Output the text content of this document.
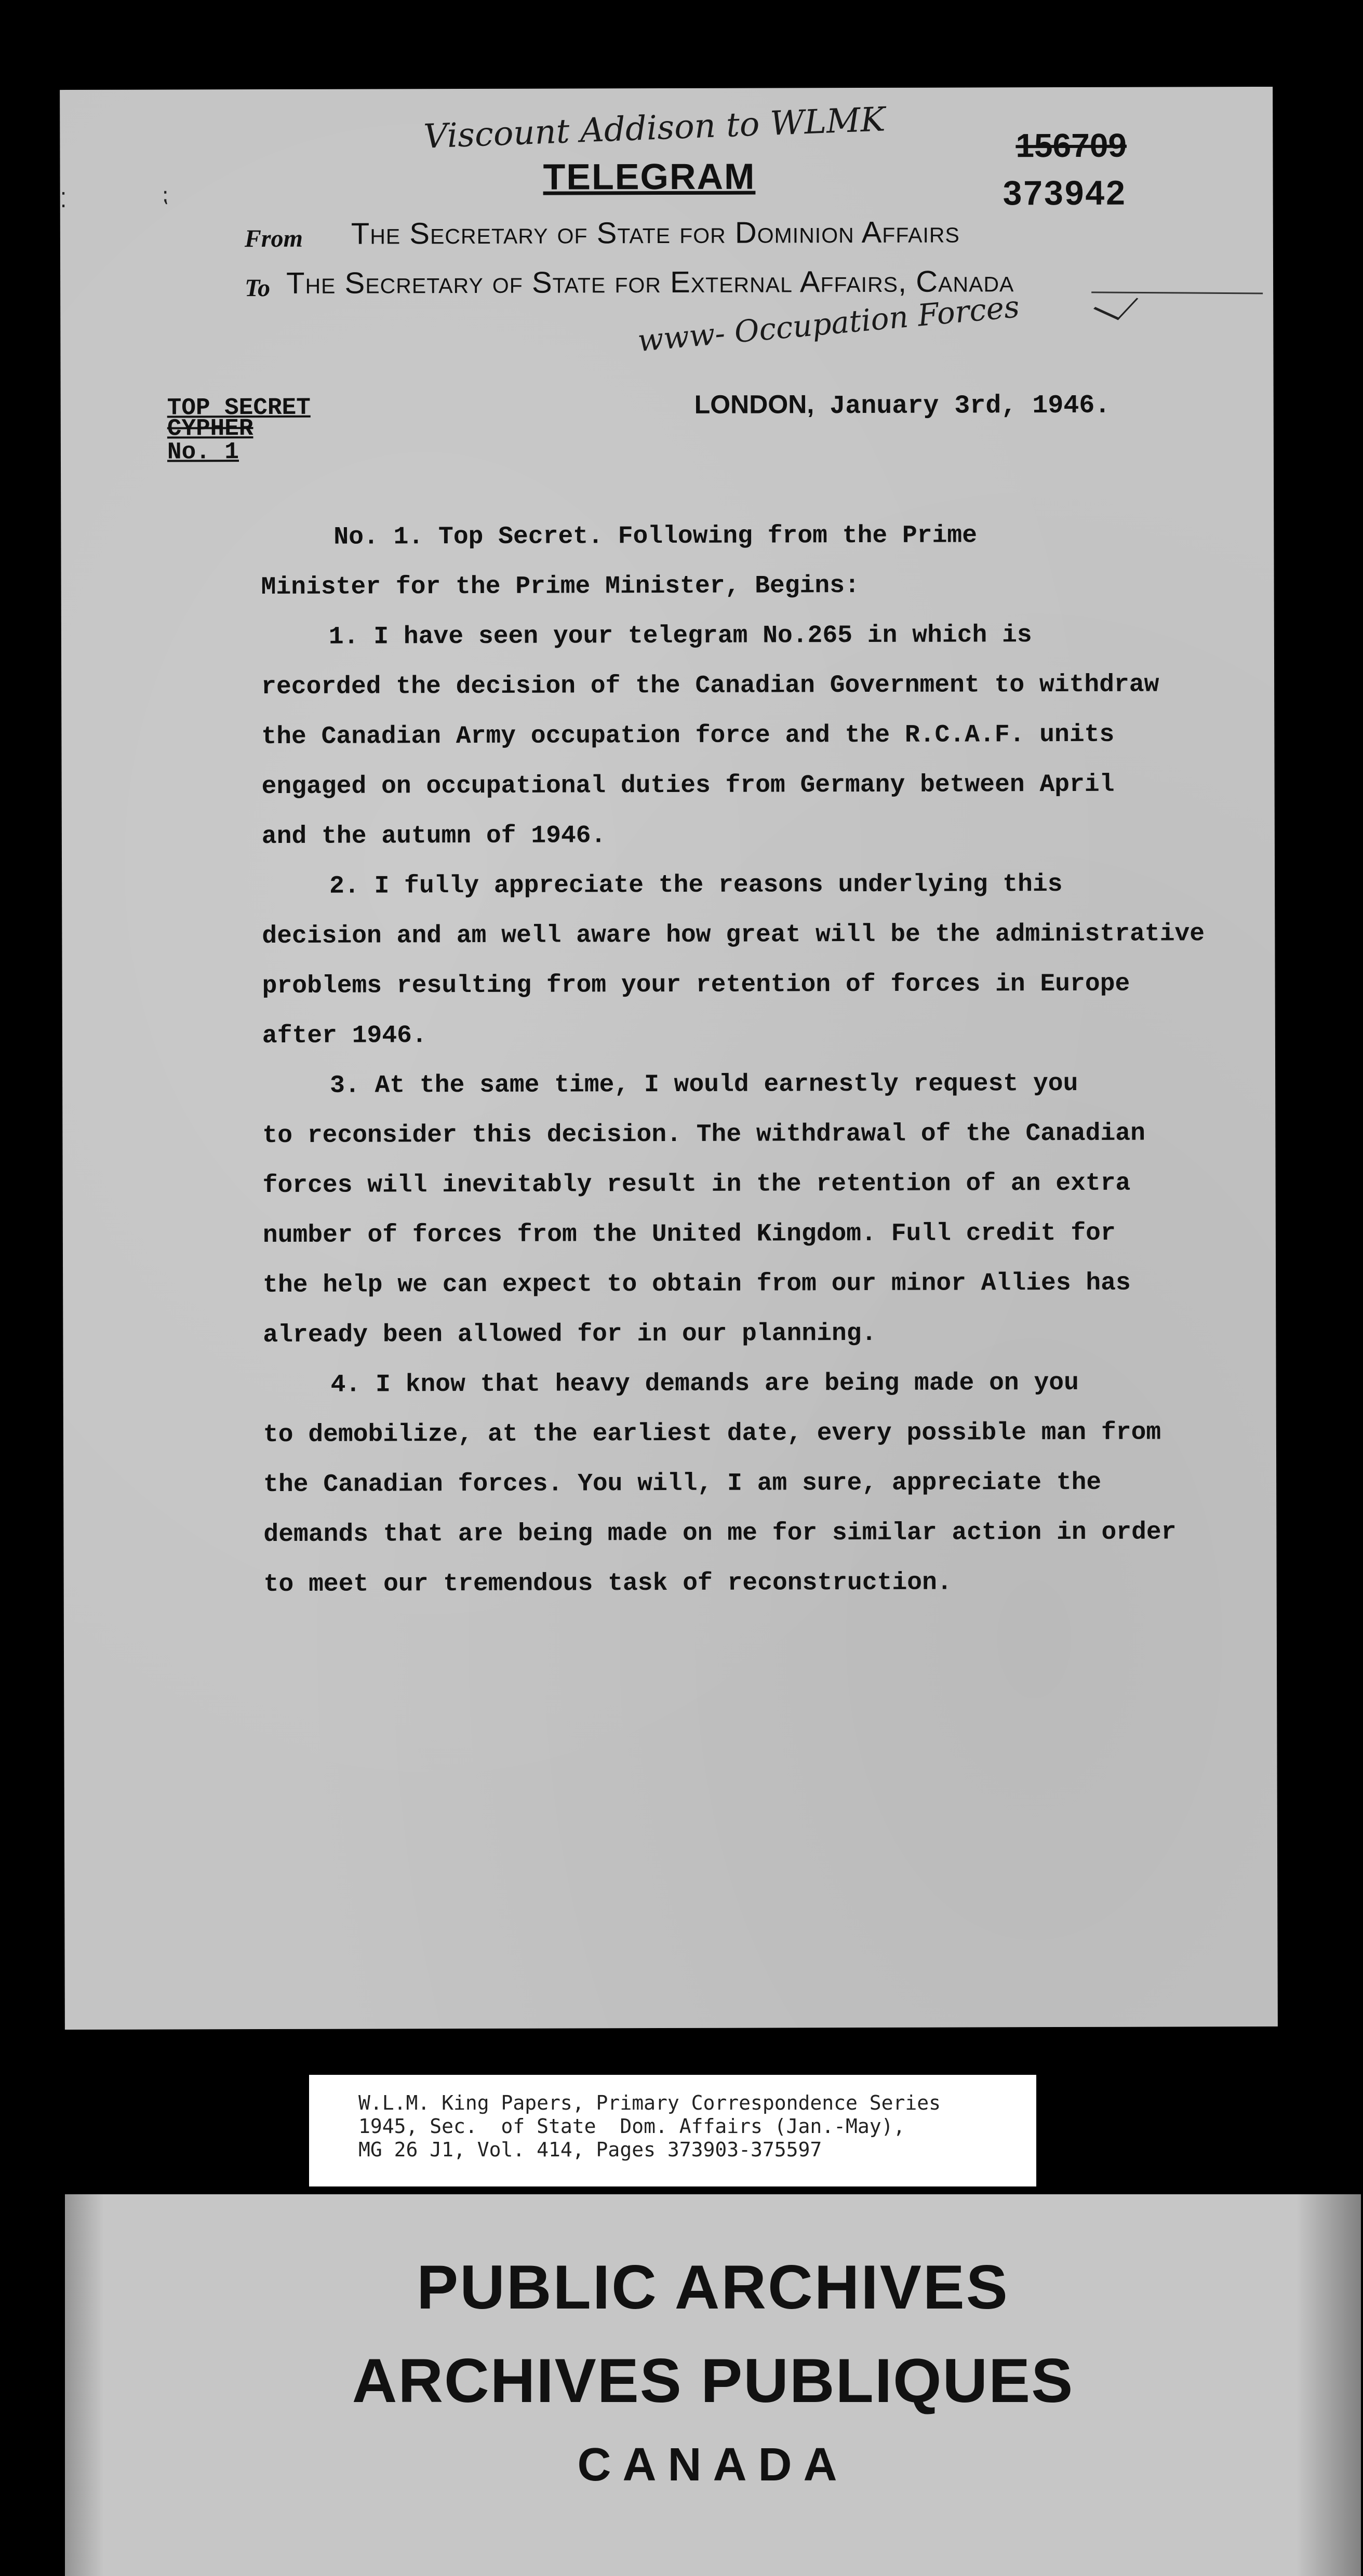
Viscount Addison to WLMK
⁚	⁏	TELEGRAM
156709
373942
From The Secretary of State for Dominion Affairs
To The Secretary of State for External Affairs, Canada
www- Occupation Forces
TOP SECRET
CYPHER
No. 1
LONDON, January 3rd, 1946.
No. 1. Top Secret. Following from the Prime
Minister for the Prime Minister, Begins:
1. I have seen your telegram No.265 in which is
recorded the decision of the Canadian Government to withdraw
the Canadian Army occupation force and the R.C.A.F. units
engaged on occupational duties from Germany between April
and the autumn of 1946.
2. I fully appreciate the reasons underlying this
decision and am well aware how great will be the administrative
problems resulting from your retention of forces in Europe
after 1946.
3. At the same time, I would earnestly request you
to reconsider this decision. The withdrawal of the Canadian
forces will inevitably result in the retention of an extra
number of forces from the United Kingdom. Full credit for
the help we can expect to obtain from our minor Allies has
already been allowed for in our planning.
4. I know that heavy demands are being made on you
to demobilize, at the earliest date, every possible man from
the Canadian forces. You will, I am sure, appreciate the
demands that are being made on me for similar action in order
to meet our tremendous task of reconstruction.
W.L.M. King Papers, Primary Correspondence Series
1945, Sec.  of State  Dom. Affairs (Jan.-May),
MG 26 J1, Vol. 414, Pages 373903-375597
PUBLIC ARCHIVES
ARCHIVES PUBLIQUES
CANADA
